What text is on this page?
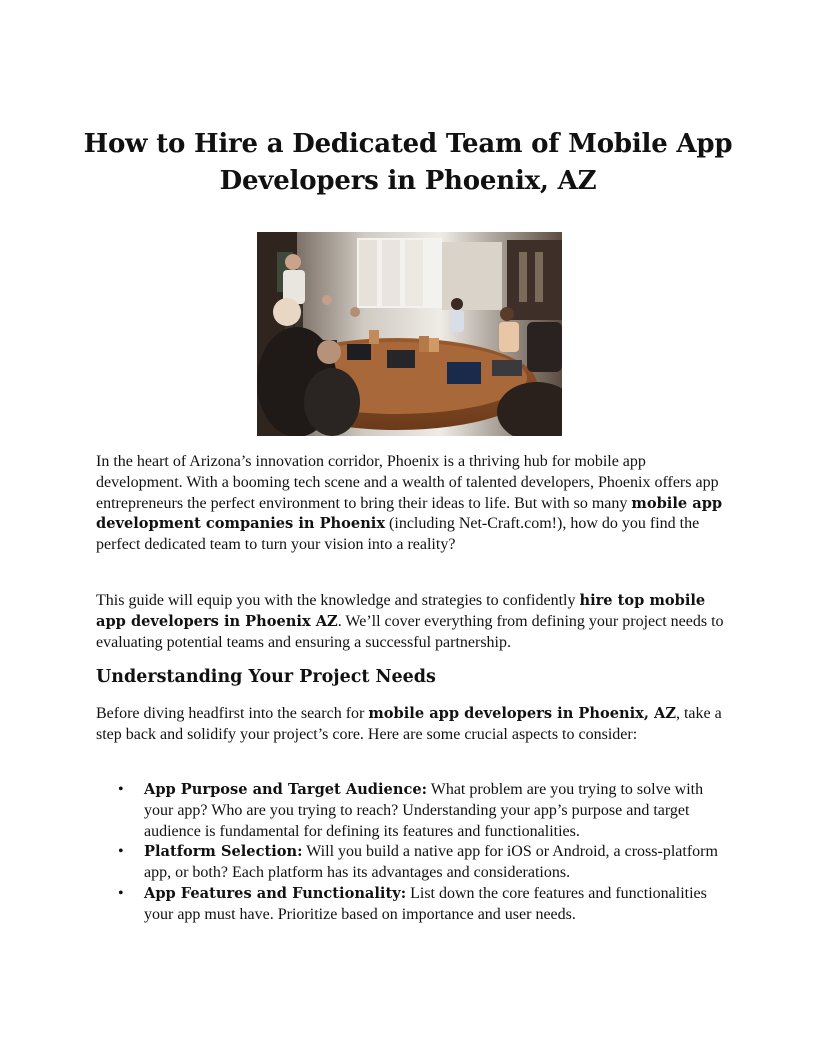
How to Hire a Dedicated Team of Mobile App
Developers in Phoenix, AZ

In the heart of Arizona’s innovation corridor, Phoenix is a thriving hub for mobile app development. With a booming tech scene and a wealth of talented developers, Phoenix offers app entrepreneurs the perfect environment to bring their ideas to life. But with so many mobile app development companies in Phoenix (including Net-Craft.com!), how do you find the perfect dedicated team to turn your vision into a reality?

This guide will equip you with the knowledge and strategies to confidently hire top mobile app developers in Phoenix AZ. We’ll cover everything from defining your project needs to evaluating potential teams and ensuring a successful partnership.

Understanding Your Project Needs

Before diving headfirst into the search for mobile app developers in Phoenix, AZ, take a step back and solidify your project’s core. Here are some crucial aspects to consider:

• App Purpose and Target Audience: What problem are you trying to solve with your app? Who are you trying to reach? Understanding your app’s purpose and target audience is fundamental for defining its features and functionalities.
• Platform Selection: Will you build a native app for iOS or Android, a cross-platform app, or both? Each platform has its advantages and considerations.
• App Features and Functionality: List down the core features and functionalities your app must have. Prioritize based on importance and user needs.
